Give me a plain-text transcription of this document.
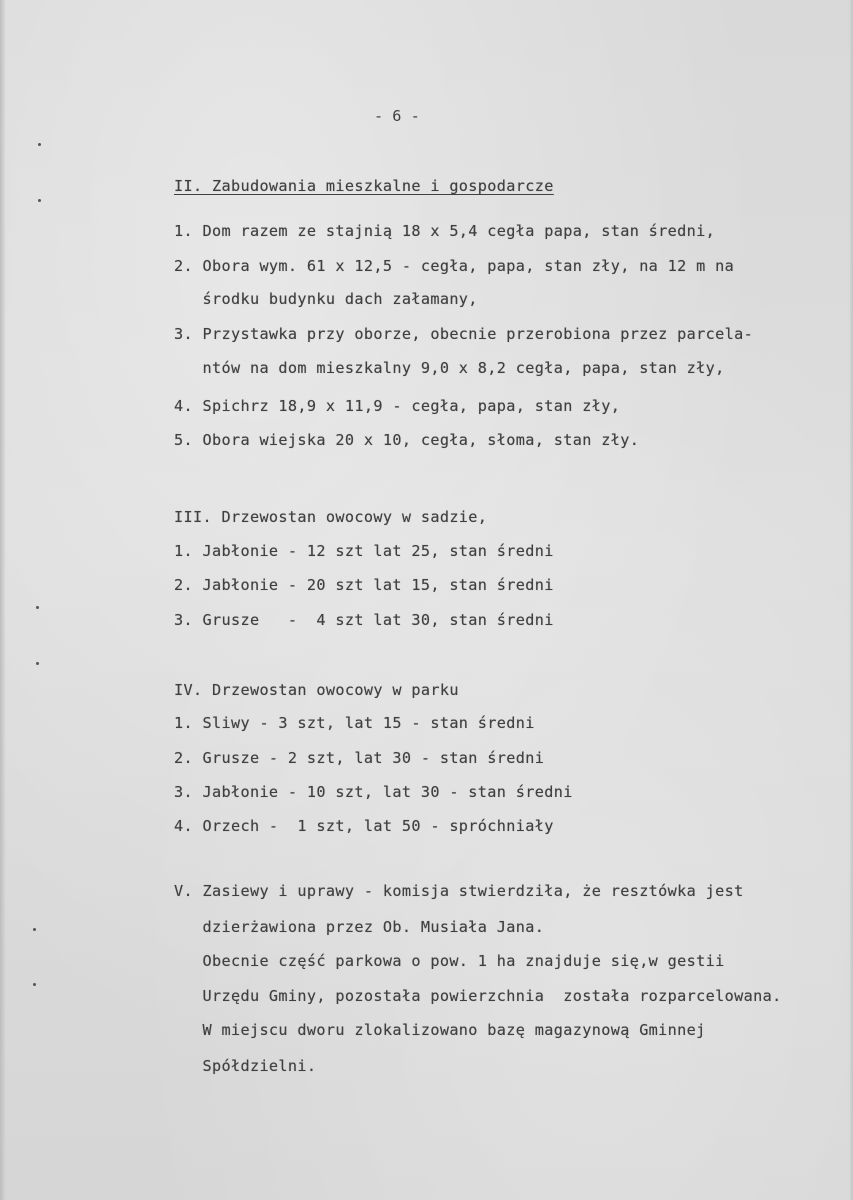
- 6 -
II. Zabudowania mieszkalne i gospodarcze
1. Dom razem ze stajnią 18 x 5,4 cegła papa, stan średni,
2. Obora wym. 61 x 12,5 - cegła, papa, stan zły, na 12 m na
środku budynku dach załamany,
3. Przystawka przy oborze, obecnie przerobiona przez parcela-
ntów na dom mieszkalny 9,0 x 8,2 cegła, papa, stan zły,
4. Spichrz 18,9 x 11,9 - cegła, papa, stan zły,
5. Obora wiejska 20 x 10, cegła, słoma, stan zły.
III. Drzewostan owocowy w sadzie,
1. Jabłonie - 12 szt lat 25, stan średni
2. Jabłonie - 20 szt lat 15, stan średni
3. Grusze   -  4 szt lat 30, stan średni
IV. Drzewostan owocowy w parku
1. Sliwy - 3 szt, lat 15 - stan średni
2. Grusze - 2 szt, lat 30 - stan średni
3. Jabłonie - 10 szt, lat 30 - stan średni
4. Orzech -  1 szt, lat 50 - spróchniały
V. Zasiewy i uprawy - komisja stwierdziła, że resztówka jest
dzierżawiona przez Ob. Musiała Jana.
Obecnie część parkowa o pow. 1 ha znajduje się,w gestii
Urzędu Gminy, pozostała powierzchnia  została rozparcelowana.
W miejscu dworu zlokalizowano bazę magazynową Gminnej
Spółdzielni.
